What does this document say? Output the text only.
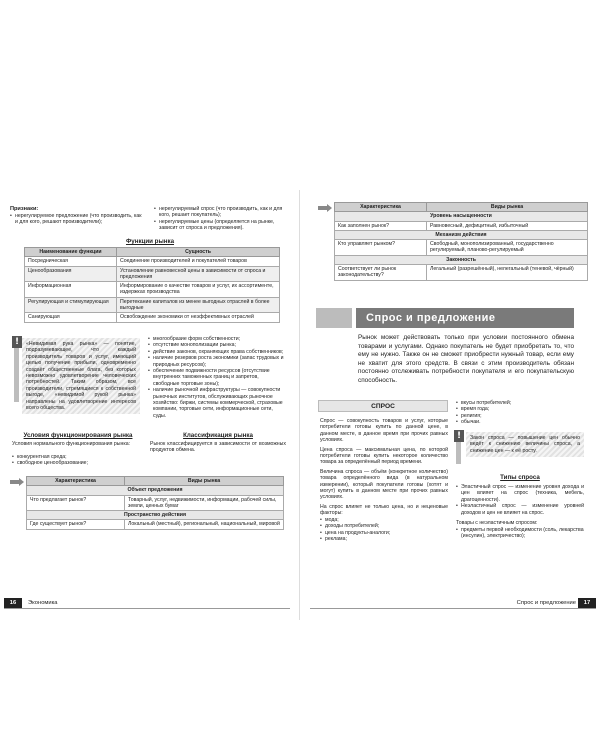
Признаки:
• нерегулируемое предложение (что производить, как и для кого, решают производители);
• нерегулируемый спрос (что производить, как и для кого, решает покупатель);
• нерегулируемые цены (определяется на рынке, зависит от спроса и предложения).
Функции рынка
Наименование функции	Сущность
Посредническая	Соединение производителей и покупателей товаров
Ценообразования	Установление равновесной цены в зависимости от спроса и предложения
Информационная	Информирование о качестве товаров и услуг, их ассортименте, издержках производства
Регулирующая и стимулирующая	Перетекание капиталов из менее выгодных отраслей в более выгодные
Санирующая	Освобождение экономики от неэффективных отраслей
!	«Невидимая рука рынка» — понятие, подразумевающее, что каждый производитель товаров и услуг, имеющий целью получение прибыли, одновременно создаёт общественные блага, без которых невозможно удовлетворение человеческих потребностей. Таким образом, все производители, стремящиеся к собственной выгоде, «невидимой рукой рынка» направлены на удовлетворение интересов всего общества.
• многообразие форм собственности;
• отсутствие монополизации рынка;
• действие законов, охраняющих права собственников;
• наличие резервов роста экономики (запас трудовых и природных ресурсов);
• обеспечение подвижности ресурсов (отсутствие внутренних таможенных границ и запретов, свободные торговые зоны);
• наличие рыночной инфраструктуры — совокупности рыночных институтов, обслуживающих рыночное хозяйство: биржи, системы коммерческой, страховые компании, торговые сети, информационные сети, суды.
Условия функционирования рынка
Условия нормального функционирования рынка:
• конкурентная среда;
• свободное ценообразование;
Классификация рынка
Рынок классифицируется в зависимости от возможных продуктов обмена.
Характеристика	Виды рынка
Объект предложения	
Что предлагает рынок?	Товарный, услуг, недвижимости, информации, рабочей силы, земли, ценных бумаг
Пространство действия	
Где существует рынок?	Локальный (местный), региональный, национальный, мировой
16	Экономика
Характеристика	Виды рынка
Уровень насыщенности	
Как заполнен рынок?	Равновесный, дефицитный, избыточный
Механизм действия	
Кто управляет рынком?	Свободный, монополизированный, государственно регулируемый, планово-регулируемый
Законность	
Соответствует ли рынок законодательству?	Легальный (разрешённый), нелегальный (теневой, чёрный)
Спрос и предложение
Рынок может действовать только при условии постоянного обмена товарами и услугами. Однако покупатель не будет приобретать то, что ему не нужно. Также он не сможет приобрести нужный товар, если ему не хватит для этого средств. В связи с этим производитель обязан постоянно отслеживать потребности покупателя и его покупательскую способность.
СПРОС

Спрос — совокупность товаров и услуг, которые потребители готовы купить по данной цене, в данном месте, в данное время при прочих равных условиях.

Цена спроса — максимальная цена, по которой потребители готовы купить некоторое количество товара за определённый период времени.

Величина спроса — объём (конкретное количество) товара определённого вида (в натуральном измерении), который покупатели готовы (хотят и могут) купить в данном месте при прочих равных условиях.

На спрос влияет не только цена, но и неценовые факторы:

• мода;
• доходы потребителей;
• цена на продукты-аналоги;
• реклама;
• вкусы потребителей;
• время года;
• религия;
• обычаи.
!	Закон спроса — повышение цен обычно ведёт к снижению величины спроса, а снижение цен — к её росту.
Типы спроса
• Эластичный спрос — изменение уровня дохода и цен влияет на спрос (техника, мебель, драгоценности).
• Неэластичный спрос — изменение уровней доходов и цен не влияет на спрос.
Товары с неэластичным спросом:
• предметы первой необходимости (соль, лекарства (инсулин), электричество);
Спрос и предложение	17
